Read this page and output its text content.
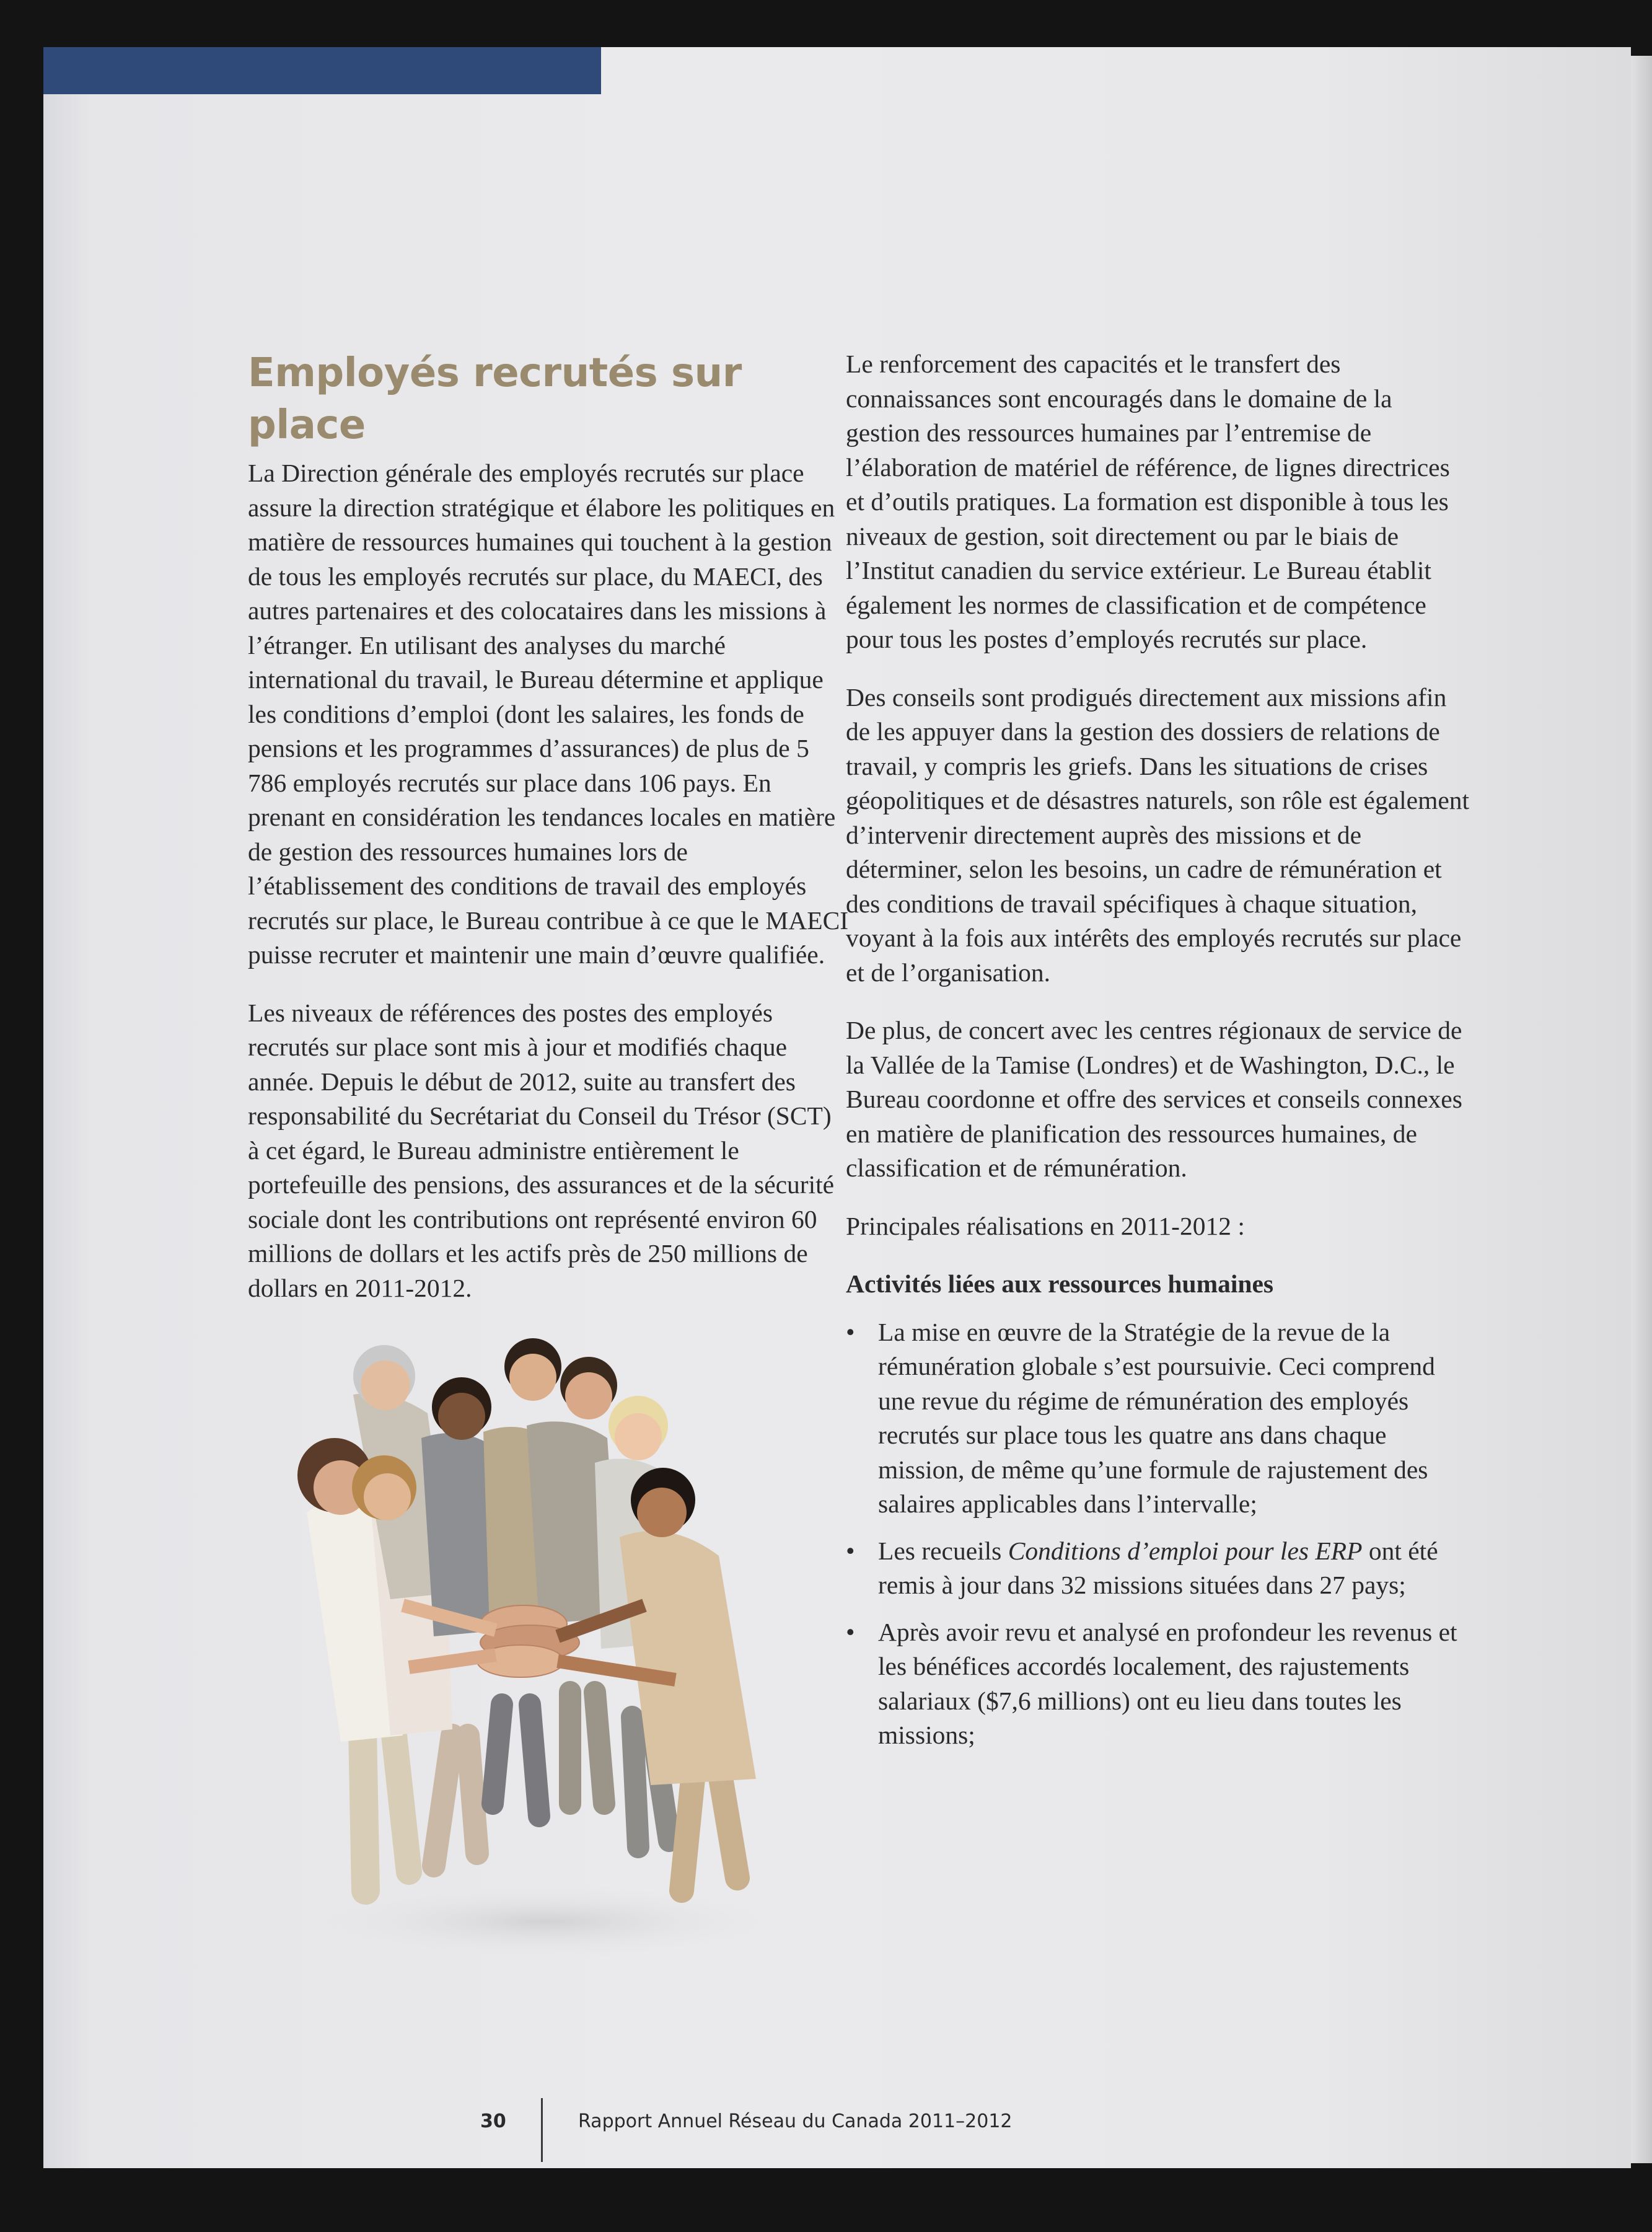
Employés recrutés sur place

La Direction générale des employés recrutés sur place assure la direction stratégique et élabore les politiques en matière de ressources humaines qui touchent à la gestion de tous les employés recrutés sur place, du MAECI, des autres partenaires et des colocataires dans les missions à l’étranger. En utilisant des analyses du marché international du travail, le Bureau détermine et applique les conditions d’emploi (dont les salaires, les fonds de pensions et les programmes d’assurances) de plus de 5 786 employés recrutés sur place dans 106 pays. En prenant en considération les tendances locales en matière de gestion des ressources humaines lors de l’établissement des conditions de travail des employés recrutés sur place, le Bureau contribue à ce que le MAECI puisse recruter et maintenir une main d’œuvre qualifiée.

Les niveaux de références des postes des employés recrutés sur place sont mis à jour et modifiés chaque année. Depuis le début de 2012, suite au transfert des responsabilité du Secrétariat du Conseil du Trésor (SCT) à cet égard, le Bureau administre entièrement le portefeuille des pensions, des assurances et de la sécurité sociale dont les contributions ont représenté environ 60 millions de dollars et les actifs près de 250 millions de dollars en 2011-2012.

Le renforcement des capacités et le transfert des connaissances sont encouragés dans le domaine de la gestion des ressources humaines par l’entremise de l’élaboration de matériel de référence, de lignes directrices et d’outils pratiques. La formation est disponible à tous les niveaux de gestion, soit directement ou par le biais de l’Institut canadien du service extérieur. Le Bureau établit également les normes de classification et de compétence pour tous les postes d’employés recrutés sur place.

Des conseils sont prodigués directement aux missions afin de les appuyer dans la gestion des dossiers de relations de travail, y compris les griefs. Dans les situations de crises géopolitiques et de désastres naturels, son rôle est également d’intervenir directement auprès des missions et de déterminer, selon les besoins, un cadre de rémunération et des conditions de travail spécifiques à chaque situation, voyant à la fois aux intérêts des employés recrutés sur place et de l’organisation.

De plus, de concert avec les centres régionaux de service de la Vallée de la Tamise (Londres) et de Washington, D.C., le Bureau coordonne et offre des services et conseils connexes en matière de planification des ressources humaines, de classification et de rémunération.

Principales réalisations en 2011-2012 :

Activités liées aux ressources humaines
• La mise en œuvre de la Stratégie de la revue de la rémunération globale s’est poursuivie. Ceci comprend une revue du régime de rémunération des employés recrutés sur place tous les quatre ans dans chaque mission, de même qu’une formule de rajustement des salaires applicables dans l’intervalle;
• Les recueils Conditions d’emploi pour les ERP ont été remis à jour dans 32 missions situées dans 27 pays;
• Après avoir revu et analysé en profondeur les revenus et les bénéfices accordés localement, des rajustements salariaux ($7,6 millions) ont eu lieu dans toutes les missions;
30	Rapport Annuel Réseau du Canada 2011–2012
